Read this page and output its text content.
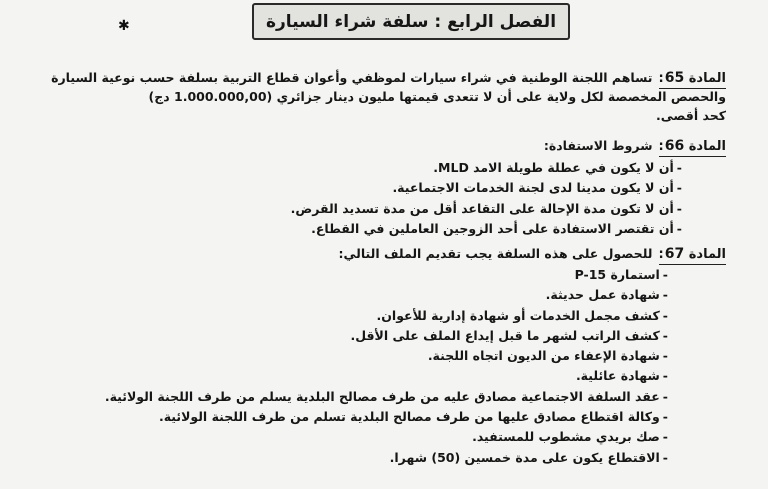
✱	الفصل الرابع : سلفة شراء السيارة
المادة 65:تساهم اللجنة الوطنية في شراء سيارات لموظفي وأعوان قطاع التربية بسلفة حسب نوعية السيارة
والحصص المخصصة لكل ولاية على أن لا تتعدى قيمتها مليون دينار جزائري (1.000.000,00 دج)
كحد أقصى.
المادة 66:شروط الاستفادة:
-أن لا يكون في عطلة طويلة الامد MLD.
-أن لا يكون مدينا لدى لجنة الخدمات الاجتماعية.
-أن لا تكون مدة الإحالة على التقاعد أقل من مدة تسديد القرض.
-أن تقتصر الاستفادة على أحد الزوجين العاملين في القطاع.
المادة 67:للحصول على هذه السلفة يجب تقديم الملف التالي:
-استمارة P-15
-شهادة عمل حديثة.
-كشف مجمل الخدمات أو شهادة إدارية للأعوان.
-كشف الراتب لشهر ما قبل إيداع الملف على الأقل.
-شهادة الإعفاء من الديون اتجاه اللجنة.
-شهادة عائلية.
-عقد السلفة الاجتماعية مصادق عليه من طرف مصالح البلدية يسلم من طرف اللجنة الولائية.
-وكالة اقتطاع مصادق عليها من طرف مصالح البلدية تسلم من طرف اللجنة الولائية.
-صك بريدي مشطوب للمستفيد.
-الاقتطاع يكون على مدة خمسين (50) شهرا.
